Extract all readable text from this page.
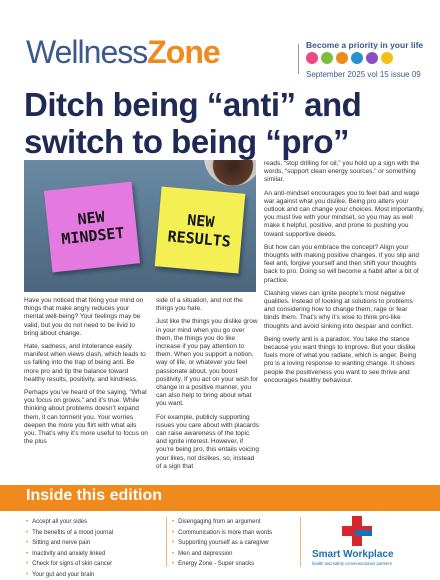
WellnessZone	Become a priority in your life
September 2025 vol 15 issue 09
Ditch being “anti” and switch to being “pro”
NEW MINDSET
NEW RESULTS

Have you noticed that fixing your mind on things that make angry reduces your mental well-being? Your feelings may be valid, but you do not need to be livid to bring about change.

Hate, sadness, and intolerance easily manifest when views clash, which leads to us falling into the trap of being anti. Be more pro and tip the balance toward healthy results, positivity, and kindness.

Perhaps you’ve heard of the saying, “What you focus on grows,” and it’s true. While thinking about problems doesn’t expand them, it can torment you. Your worries deepen the more you flirt with what ails you. That’s why it’s more useful to focus on the plus

side of a situation, and not the things you hate.

Just like the things you dislike grow in your mind when you go over them, the things you do like increase if you pay attention to them. When you support a notion, way of life, or whatever you feel passionate about, you boost positivity. If you act on your wish for change in a positive manner, you can also help to bring about what you want.

For example, publicly supporting issues you care about with placards can raise awareness of the topic and ignite interest. However, if you’re being pro, this entails voicing your likes, not dislikes, so, instead of a sign that

reads, “stop drilling for oil,” you hold up a sign with the words, “support clean energy sources,” or something similar.

An anti-mindset encourages you to feel bad and wage war against what you dislike. Being pro alters your outlook and can change your choices. Most importantly, you must live with your mindset, so you may as well make it helpful, positive, and prone to pushing you toward supportive deeds.

But how can you embrace the concept? Align your thoughts with making positive changes. If you slip and feel anti, forgive yourself and then shift your thoughts back to pro. Doing so will become a habit after a bit of practice.

Clashing views can ignite people’s most negative qualities. Instead of looking at solutions to problems and considering how to change them, rage or fear binds them. That’s why it’s wise to think pro-like thoughts and avoid sinking into despair and conflict.

Being overly anti is a paradox. You take the stance because you want things to improve. But your dislike fuels more of what you radiate, which is anger. Being pro is a loving response to wanting change. It shows people the positiveness you want to see thrive and encourages healthy behaviour.

Inside this edition
• Accept all your sides
• The benefits of a mood journal
• Sitting and nerve pain
• Inactivity and anxiety linked
• Check for signs of skin cancer
• Your gut and your brain
• Disengaging from an argument
• Communication is more than words
• Supporting yourself as a caregiver
• Men and depression
• Energy Zone - Super snacks
Smart Workplace
health and safety communications partners
